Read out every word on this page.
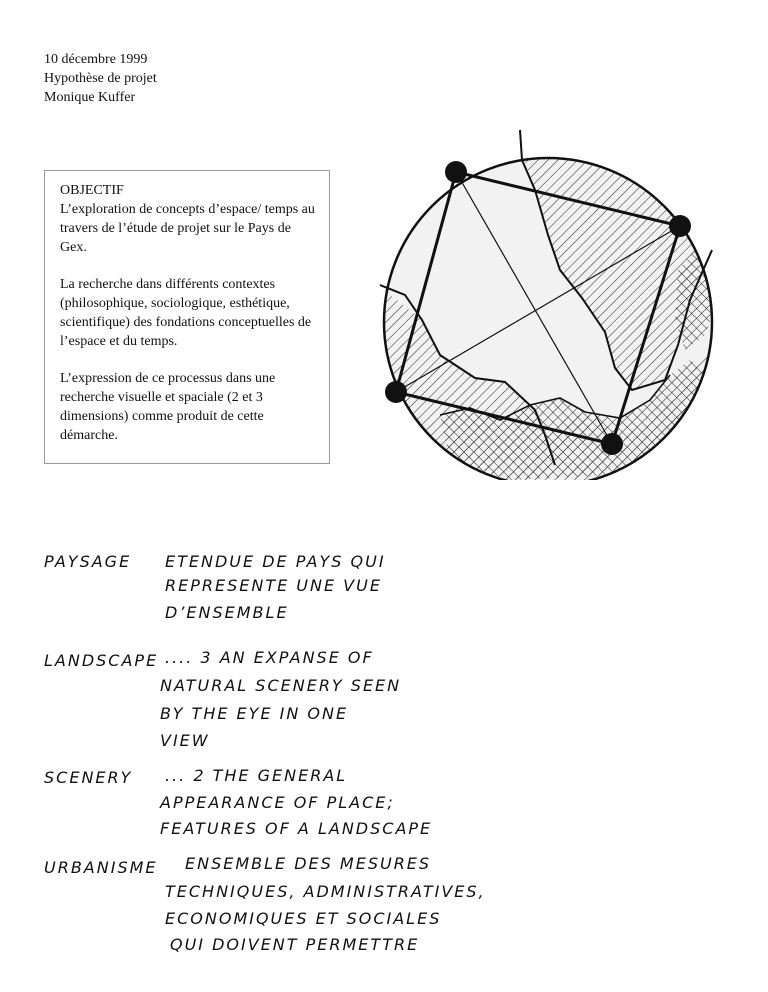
10 décembre 1999
Hypothèse de projet
Monique Kuffer

OBJECTIF
L’exploration de concepts d’espace/ temps au travers de l’étude de projet sur le Pays de Gex.

La recherche dans différents contextes (philosophique, sociologique, esthétique, scientifique) des fondations conceptuelles de l’espace et du temps.

L’expression de ce processus dans une recherche visuelle et spaciale (2 et 3 dimensions) comme produit de cette démarche.

PAYSAGE ETENDUE DE PAYS QUI
REPRESENTE UNE VUE
D’ENSEMBLE
LANDSCAPE .... 3 AN EXPANSE OF
NATURAL SCENERY SEEN
BY THE EYE IN ONE
VIEW
SCENERY ... 2 THE GENERAL
APPEARANCE OF PLACE;
FEATURES OF A LANDSCAPE
URBANISME ENSEMBLE DES MESURES
TECHNIQUES, ADMINISTRATIVES,
ECONOMIQUES ET SOCIALES
QUI DOIVENT PERMETTRE
